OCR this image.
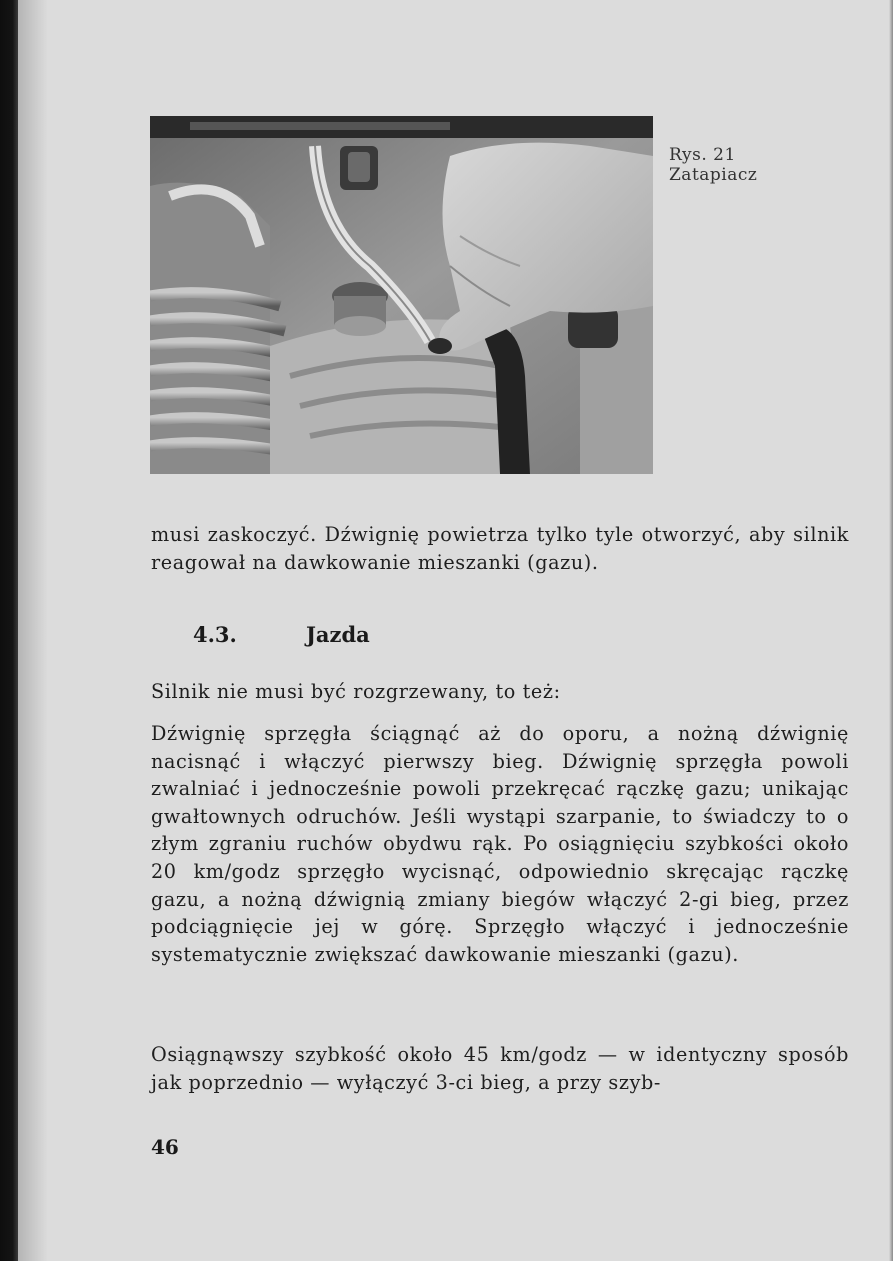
Rys. 21
Zatapiacz

musi zaskoczyć. Dźwignię powietrza tylko tyle otworzyć, aby silnik reagował na dawkowanie mieszanki (gazu).

4.3.	Jazda

Silnik nie musi być rozgrzewany, to też:

Dźwignię sprzęgła ściągnąć aż do oporu, a nożną dźwignię nacisnąć i włączyć pierwszy bieg. Dźwignię sprzęgła powoli zwalniać i jednocześnie powoli przekręcać rączkę gazu; unikając gwałtownych odruchów. Jeśli wystąpi szarpanie, to świadczy to o złym zgraniu ruchów obydwu rąk. Po osiągnięciu szybkości około 20 km/godz sprzęgło wycisnąć, odpowiednio skręcając rączkę gazu, a nożną dźwignią zmiany biegów włączyć 2-gi bieg, przez podciągnięcie jej w górę. Sprzęgło włączyć i jednocześnie systematycznie zwiększać dawkowanie mieszanki (gazu).

Osiągnąwszy szybkość około 45 km/godz — w identyczny sposób jak poprzednio — wyłączyć 3-ci bieg, a przy szyb-

46
